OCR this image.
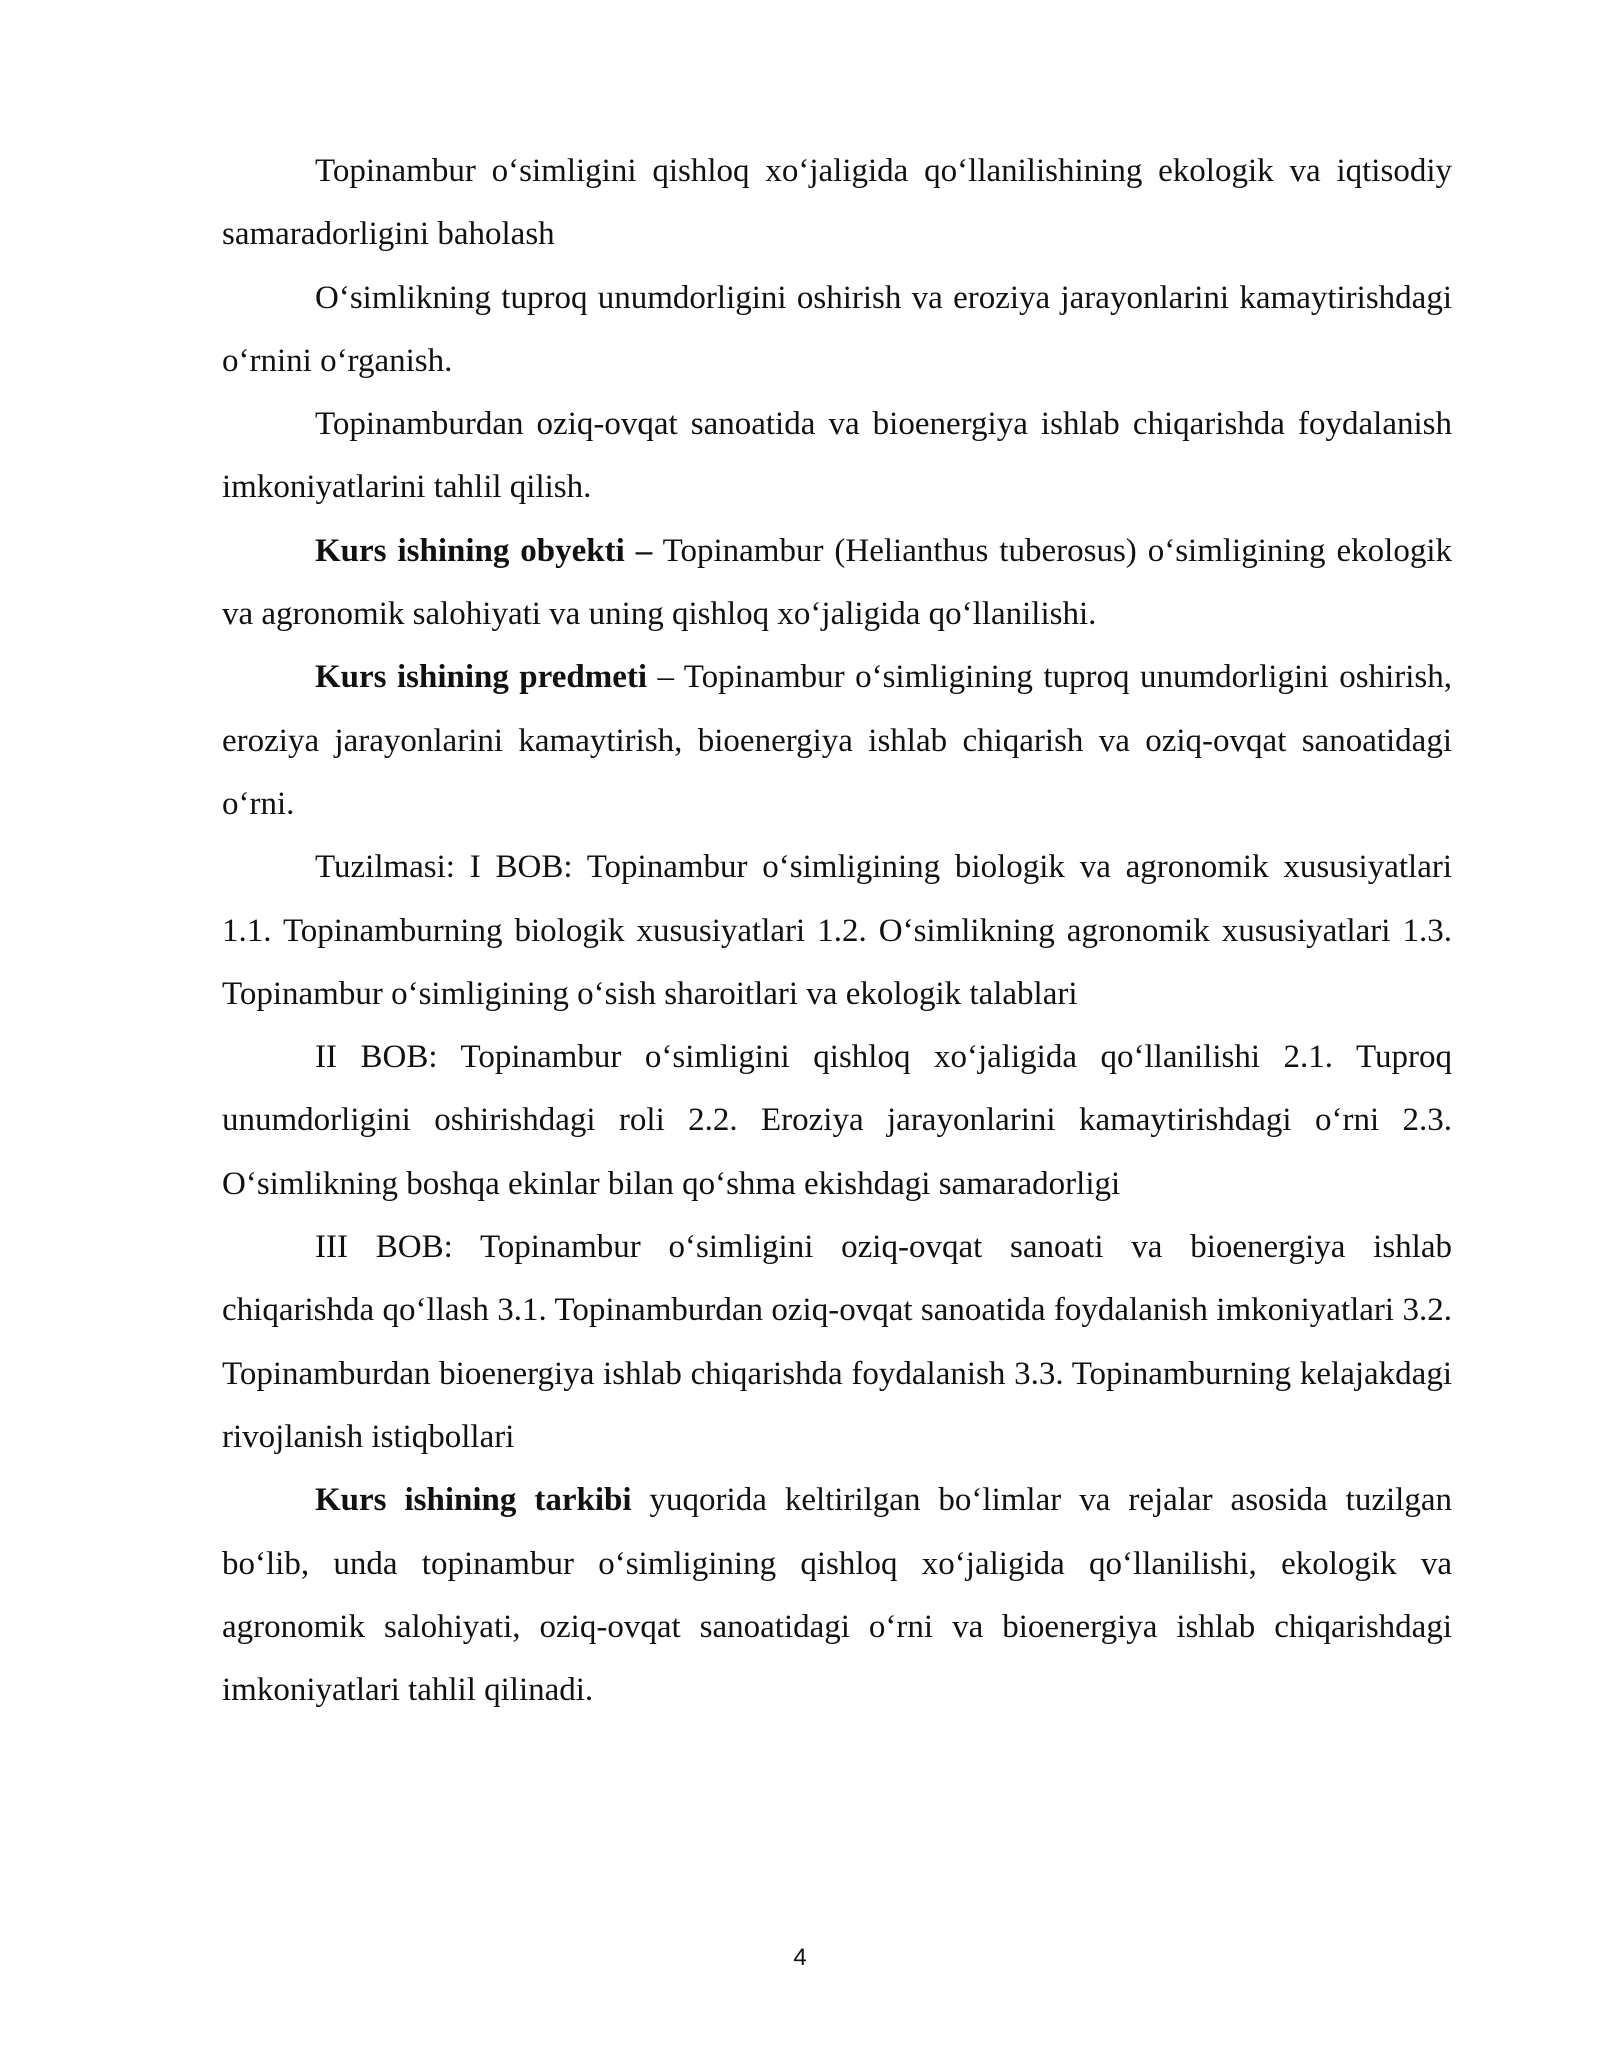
Topinambur o‘simligini qishloq xo‘jaligida qo‘llanilishining ekologik va iqtisodiy samaradorligini baholash

O‘simlikning tuproq unumdorligini oshirish va eroziya jarayonlarini kamaytirishdagi o‘rnini o‘rganish.

Topinamburdan oziq-ovqat sanoatida va bioenergiya ishlab chiqarishda foydalanish imkoniyatlarini tahlil qilish.

Kurs ishining obyekti – Topinambur (Helianthus tuberosus) o‘simligining ekologik va agronomik salohiyati va uning qishloq xo‘jaligida qo‘llanilishi.

Kurs ishining predmeti – Topinambur o‘simligining tuproq unumdorligini oshirish, eroziya jarayonlarini kamaytirish, bioenergiya ishlab chiqarish va oziq-ovqat sanoatidagi o‘rni.

Tuzilmasi: I BOB: Topinambur o‘simligining biologik va agronomik xususiyatlari 1.1. Topinamburning biologik xususiyatlari 1.2. O‘simlikning agronomik xususiyatlari 1.3. Topinambur o‘simligining o‘sish sharoitlari va ekologik talablari

II BOB: Topinambur o‘simligini qishloq xo‘jaligida qo‘llanilishi 2.1. Tuproq unumdorligini oshirishdagi roli 2.2. Eroziya jarayonlarini kamaytirishdagi o‘rni 2.3. O‘simlikning boshqa ekinlar bilan qo‘shma ekishdagi samaradorligi

III BOB: Topinambur o‘simligini oziq-ovqat sanoati va bioenergiya ishlab chiqarishda qo‘llash 3.1. Topinamburdan oziq-ovqat sanoatida foydalanish imkoniyatlari 3.2. Topinamburdan bioenergiya ishlab chiqarishda foydalanish 3.3. Topinamburning kelajakdagi rivojlanish istiqbollari

Kurs ishining tarkibi yuqorida keltirilgan bo‘limlar va rejalar asosida tuzilgan bo‘lib, unda topinambur o‘simligining qishloq xo‘jaligida qo‘llanilishi, ekologik va agronomik salohiyati, oziq-ovqat sanoatidagi o‘rni va bioenergiya ishlab chiqarishdagi imkoniyatlari tahlil qilinadi.

4
